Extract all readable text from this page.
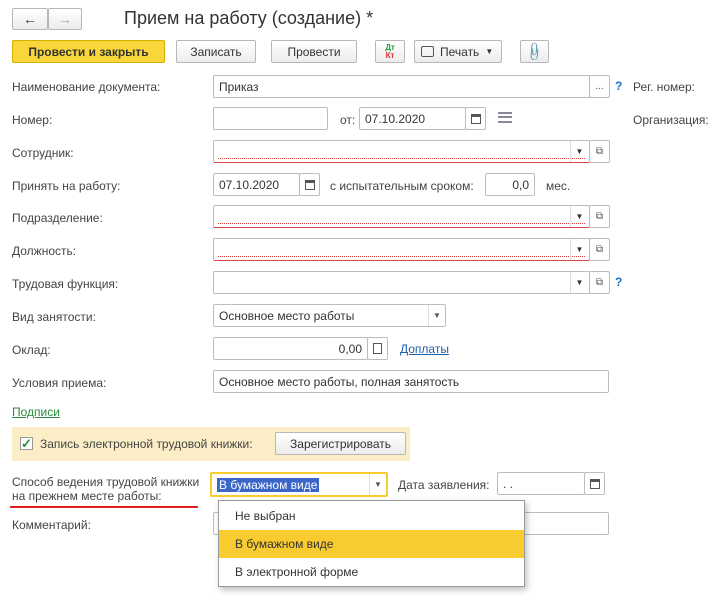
← →	Прием на работу (создание) *
Провести и закрыть	Записать	Провести	Дт
Кт	Печать ▼ 📎
Наименование документа:	Приказ	... ? Рег. номер:
Номер:	от: 07.10.2020	Организация:
Сотрудник:	▼ ⧉
Принять на работу:	07.10.2020	с испытательным сроком:	0,0	мес.
Подразделение:	▼ ⧉
Должность:	▼ ⧉
Трудовая функция:	▼ ⧉ ?
Вид занятости:	Основное место работы	▼
Оклад:	0,00	Доплаты
Условия приема:	Основное место работы, полная занятость
Подписи
✓ Запись электронной трудовой книжки:	Зарегистрировать
Способ ведения трудовой книжки
на прежнем месте работы:
В бумажном виде	▼	Дата заявления:	. .
Комментарий:
Не выбран
В бумажном виде
В электронной форме
